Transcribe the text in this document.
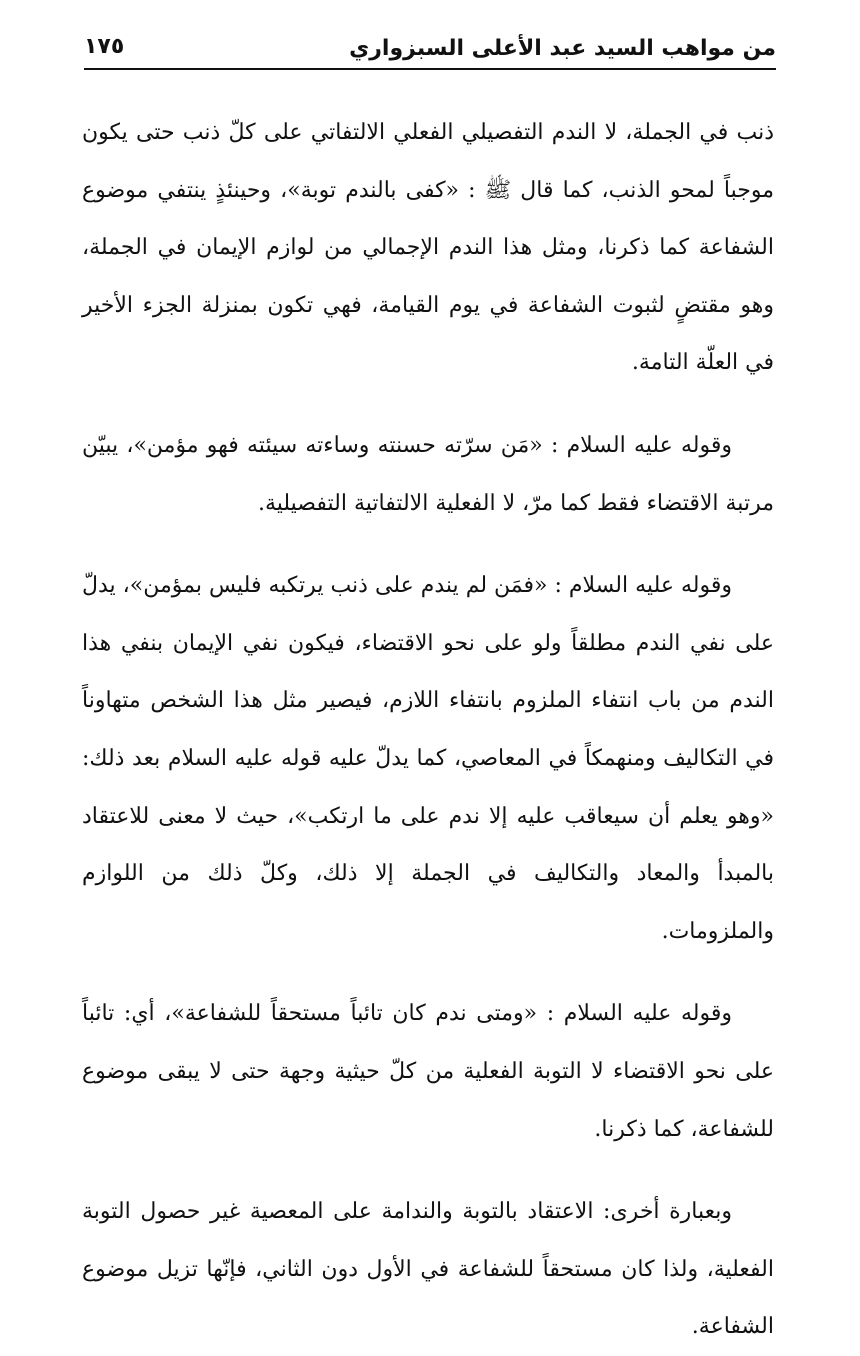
من مواهب السيد عبد الأعلى السبزواري
١٧٥

ذنب في الجملة، لا الندم التفصيلي الفعلي الالتفاتي على كلّ ذنب حتى يكون موجباً لمحو الذنب، كما قال ﷺ : «كفى بالندم توبة»، وحينئذٍ ينتفي موضوع الشفاعة كما ذكرنا، ومثل هذا الندم الإجمالي من لوازم الإيمان في الجملة، وهو مقتضٍ لثبوت الشفاعة في يوم القيامة، فهي تكون بمنزلة الجزء الأخير في العلّة التامة.

وقوله عليه السلام : «مَن سرّته حسنته وساءته سيئته فهو مؤمن»، يبيّن مرتبة الاقتضاء فقط كما مرّ، لا الفعلية الالتفاتية التفصيلية.

وقوله عليه السلام : «فمَن لم يندم على ذنب يرتكبه فليس بمؤمن»، يدلّ على نفي الندم مطلقاً ولو على نحو الاقتضاء، فيكون نفي الإيمان بنفي هذا الندم من باب انتفاء الملزوم بانتفاء اللازم، فيصير مثل هذا الشخص متهاوناً في التكاليف ومنهمكاً في المعاصي، كما يدلّ عليه قوله عليه السلام بعد ذلك: «وهو يعلم أن سيعاقب عليه إلا ندم على ما ارتكب»، حيث لا معنى للاعتقاد بالمبدأ والمعاد والتكاليف في الجملة إلا ذلك، وكلّ ذلك من اللوازم والملزومات.

وقوله عليه السلام : «ومتى ندم كان تائباً مستحقاً للشفاعة»، أي: تائباً على نحو الاقتضاء لا التوبة الفعلية من كلّ حيثية وجهة حتى لا يبقى موضوع للشفاعة، كما ذكرنا.

وبعبارة أخرى: الاعتقاد بالتوبة والندامة على المعصية غير حصول التوبة الفعلية، ولذا كان مستحقاً للشفاعة في الأول دون الثاني، فإنّها تزيل موضوع الشفاعة.
